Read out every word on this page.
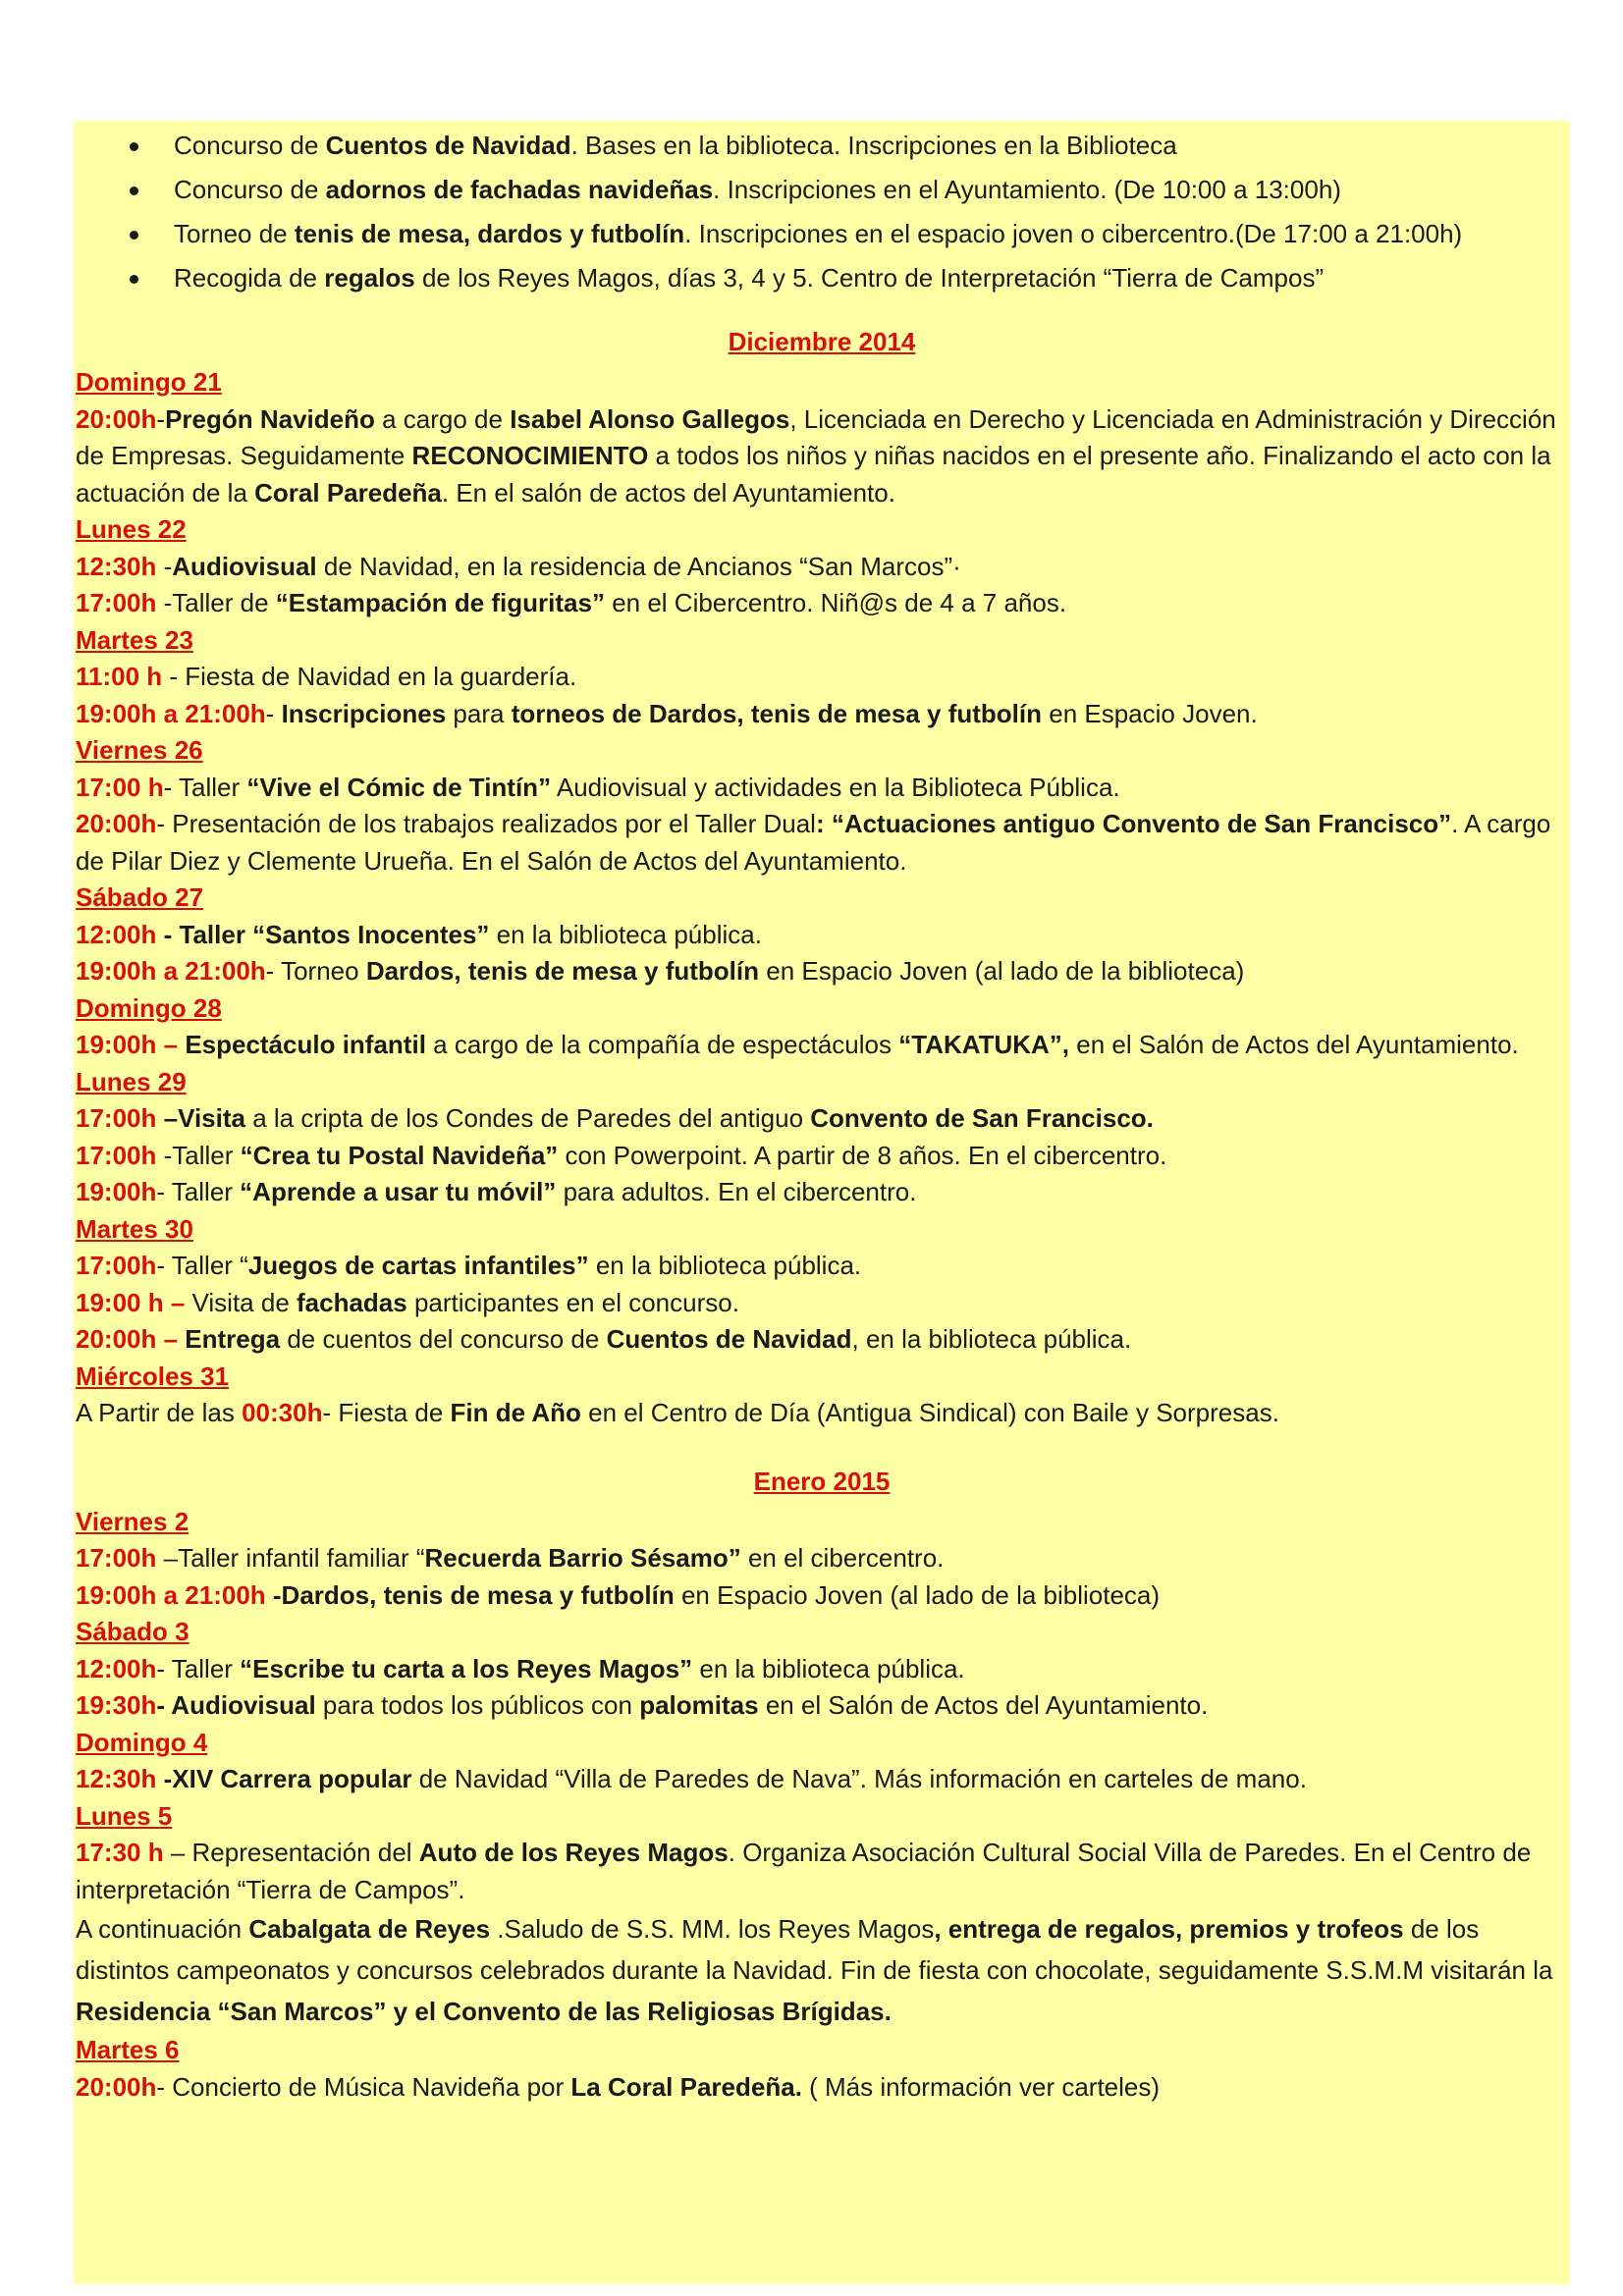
Concurso de Cuentos de Navidad. Bases en la biblioteca. Inscripciones en la Biblioteca
Concurso de adornos de fachadas navideñas. Inscripciones en el Ayuntamiento. (De 10:00 a 13:00h)
Torneo de tenis de mesa, dardos y futbolín. Inscripciones en el espacio joven o cibercentro.(De 17:00 a 21:00h)
Recogida de regalos de los Reyes Magos, días 3, 4 y 5. Centro de Interpretación “Tierra de Campos”
Diciembre 2014
Domingo 21
20:00h-Pregón Navideño a cargo de Isabel Alonso Gallegos, Licenciada en Derecho y Licenciada en Administración y Dirección de Empresas. Seguidamente RECONOCIMIENTO a todos los niños y niñas nacidos en el presente año. Finalizando el acto con la actuación de la Coral Paredeña. En el salón de actos del Ayuntamiento.
Lunes 22
12:30h -Audiovisual de Navidad, en la residencia de Ancianos “San Marcos”·
17:00h -Taller de “Estampación de figuritas” en el Cibercentro. Niñ@s de 4 a 7 años.
Martes 23
11:00 h - Fiesta de Navidad en la guardería.
19:00h a 21:00h- Inscripciones para torneos de Dardos, tenis de mesa y futbolín en Espacio Joven.
Viernes 26
17:00 h- Taller “Vive el Cómic de Tintín” Audiovisual y actividades en la Biblioteca Pública.
20:00h- Presentación de los trabajos realizados por el Taller Dual: “Actuaciones antiguo Convento de San Francisco”. A cargo de Pilar Diez y Clemente Urueña. En el Salón de Actos del Ayuntamiento.
Sábado 27
12:00h - Taller “Santos Inocentes” en la biblioteca pública.
19:00h a 21:00h- Torneo Dardos, tenis de mesa y futbolín en Espacio Joven (al lado de la biblioteca)
Domingo 28
19:00h – Espectáculo infantil a cargo de la compañía de espectáculos “TAKATUKA”, en el Salón de Actos del Ayuntamiento.
Lunes 29
17:00h –Visita a la cripta de los Condes de Paredes del antiguo Convento de San Francisco.
17:00h -Taller “Crea tu Postal Navideña” con Powerpoint. A partir de 8 años. En el cibercentro.
19:00h- Taller “Aprende a usar tu móvil” para adultos. En el cibercentro.
Martes 30
17:00h- Taller “Juegos de cartas infantiles” en la biblioteca pública.
19:00 h – Visita de fachadas participantes en el concurso.
20:00h – Entrega de cuentos del concurso de Cuentos de Navidad, en la biblioteca pública.
Miércoles 31
A Partir de las 00:30h- Fiesta de Fin de Año en el Centro de Día (Antigua Sindical) con Baile y Sorpresas.
Enero 2015
Viernes 2
17:00h –Taller infantil familiar “Recuerda Barrio Sésamo” en el cibercentro.
19:00h a 21:00h -Dardos, tenis de mesa y futbolín en Espacio Joven (al lado de la biblioteca)
Sábado 3
12:00h- Taller “Escribe tu carta a los Reyes Magos” en la biblioteca pública.
19:30h- Audiovisual para todos los públicos con palomitas en el Salón de Actos del Ayuntamiento.
Domingo 4
12:30h -XIV Carrera popular de Navidad “Villa de Paredes de Nava”. Más información en carteles de mano.
Lunes 5
17:30 h – Representación del Auto de los Reyes Magos. Organiza Asociación Cultural Social Villa de Paredes. En el Centro de interpretación “Tierra de Campos”.
A continuación Cabalgata de Reyes .Saludo de S.S. MM. los Reyes Magos, entrega de regalos, premios y trofeos de los distintos campeonatos y concursos celebrados durante la Navidad. Fin de fiesta con chocolate, seguidamente S.S.M.M visitarán la Residencia “San Marcos” y el Convento de las Religiosas Brígidas.
Martes 6
20:00h- Concierto de Música Navideña por La Coral Paredeña. ( Más información ver carteles)
